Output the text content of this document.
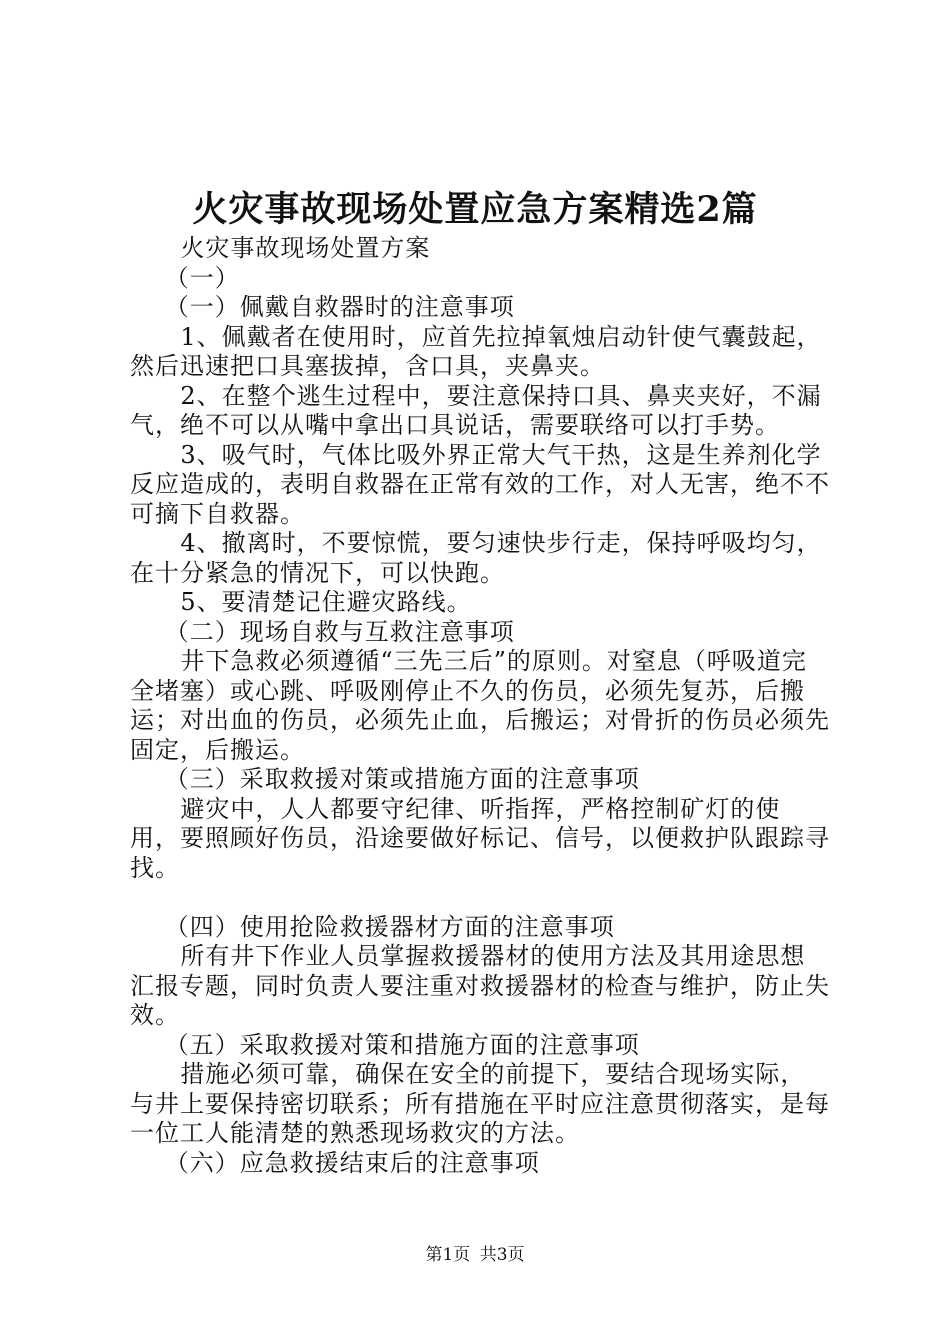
火灾事故现场处置应急方案精选2篇

火灾事故现场处置方案

（一）

（一）佩戴自救器时的注意事项

1、佩戴者在使用时，应首先拉掉氧烛启动针使气囊鼓起，然后迅速把口具塞拔掉，含口具，夹鼻夹。

2、在整个逃生过程中，要注意保持口具、鼻夹夹好，不漏气，绝不可以从嘴中拿出口具说话，需要联络可以打手势。

3、吸气时，气体比吸外界正常大气干热，这是生养剂化学反应造成的，表明自救器在正常有效的工作，对人无害，绝不不可摘下自救器。

4、撤离时，不要惊慌，要匀速快步行走，保持呼吸均匀，在十分紧急的情况下，可以快跑。

5、要清楚记住避灾路线。

（二）现场自救与互救注意事项

井下急救必须遵循“三先三后”的原则。对窒息（呼吸道完全堵塞）或心跳、呼吸刚停止不久的伤员，必须先复苏，后搬运；对出血的伤员，必须先止血，后搬运；对骨折的伤员必须先固定，后搬运。

（三）采取救援对策或措施方面的注意事项

避灾中，人人都要守纪律、听指挥，严格控制矿灯的使用，要照顾好伤员，沿途要做好标记、信号，以便救护队跟踪寻找。

（四）使用抢险救援器材方面的注意事项

所有井下作业人员掌握救援器材的使用方法及其用途思想汇报专题，同时负责人要注重对救援器材的检查与维护，防止失效。

（五）采取救援对策和措施方面的注意事项

措施必须可靠，确保在安全的前提下，要结合现场实际，与井上要保持密切联系；所有措施在平时应注意贯彻落实，是每一位工人能清楚的熟悉现场救灾的方法。

（六）应急救援结束后的注意事项

第1页 共3页
